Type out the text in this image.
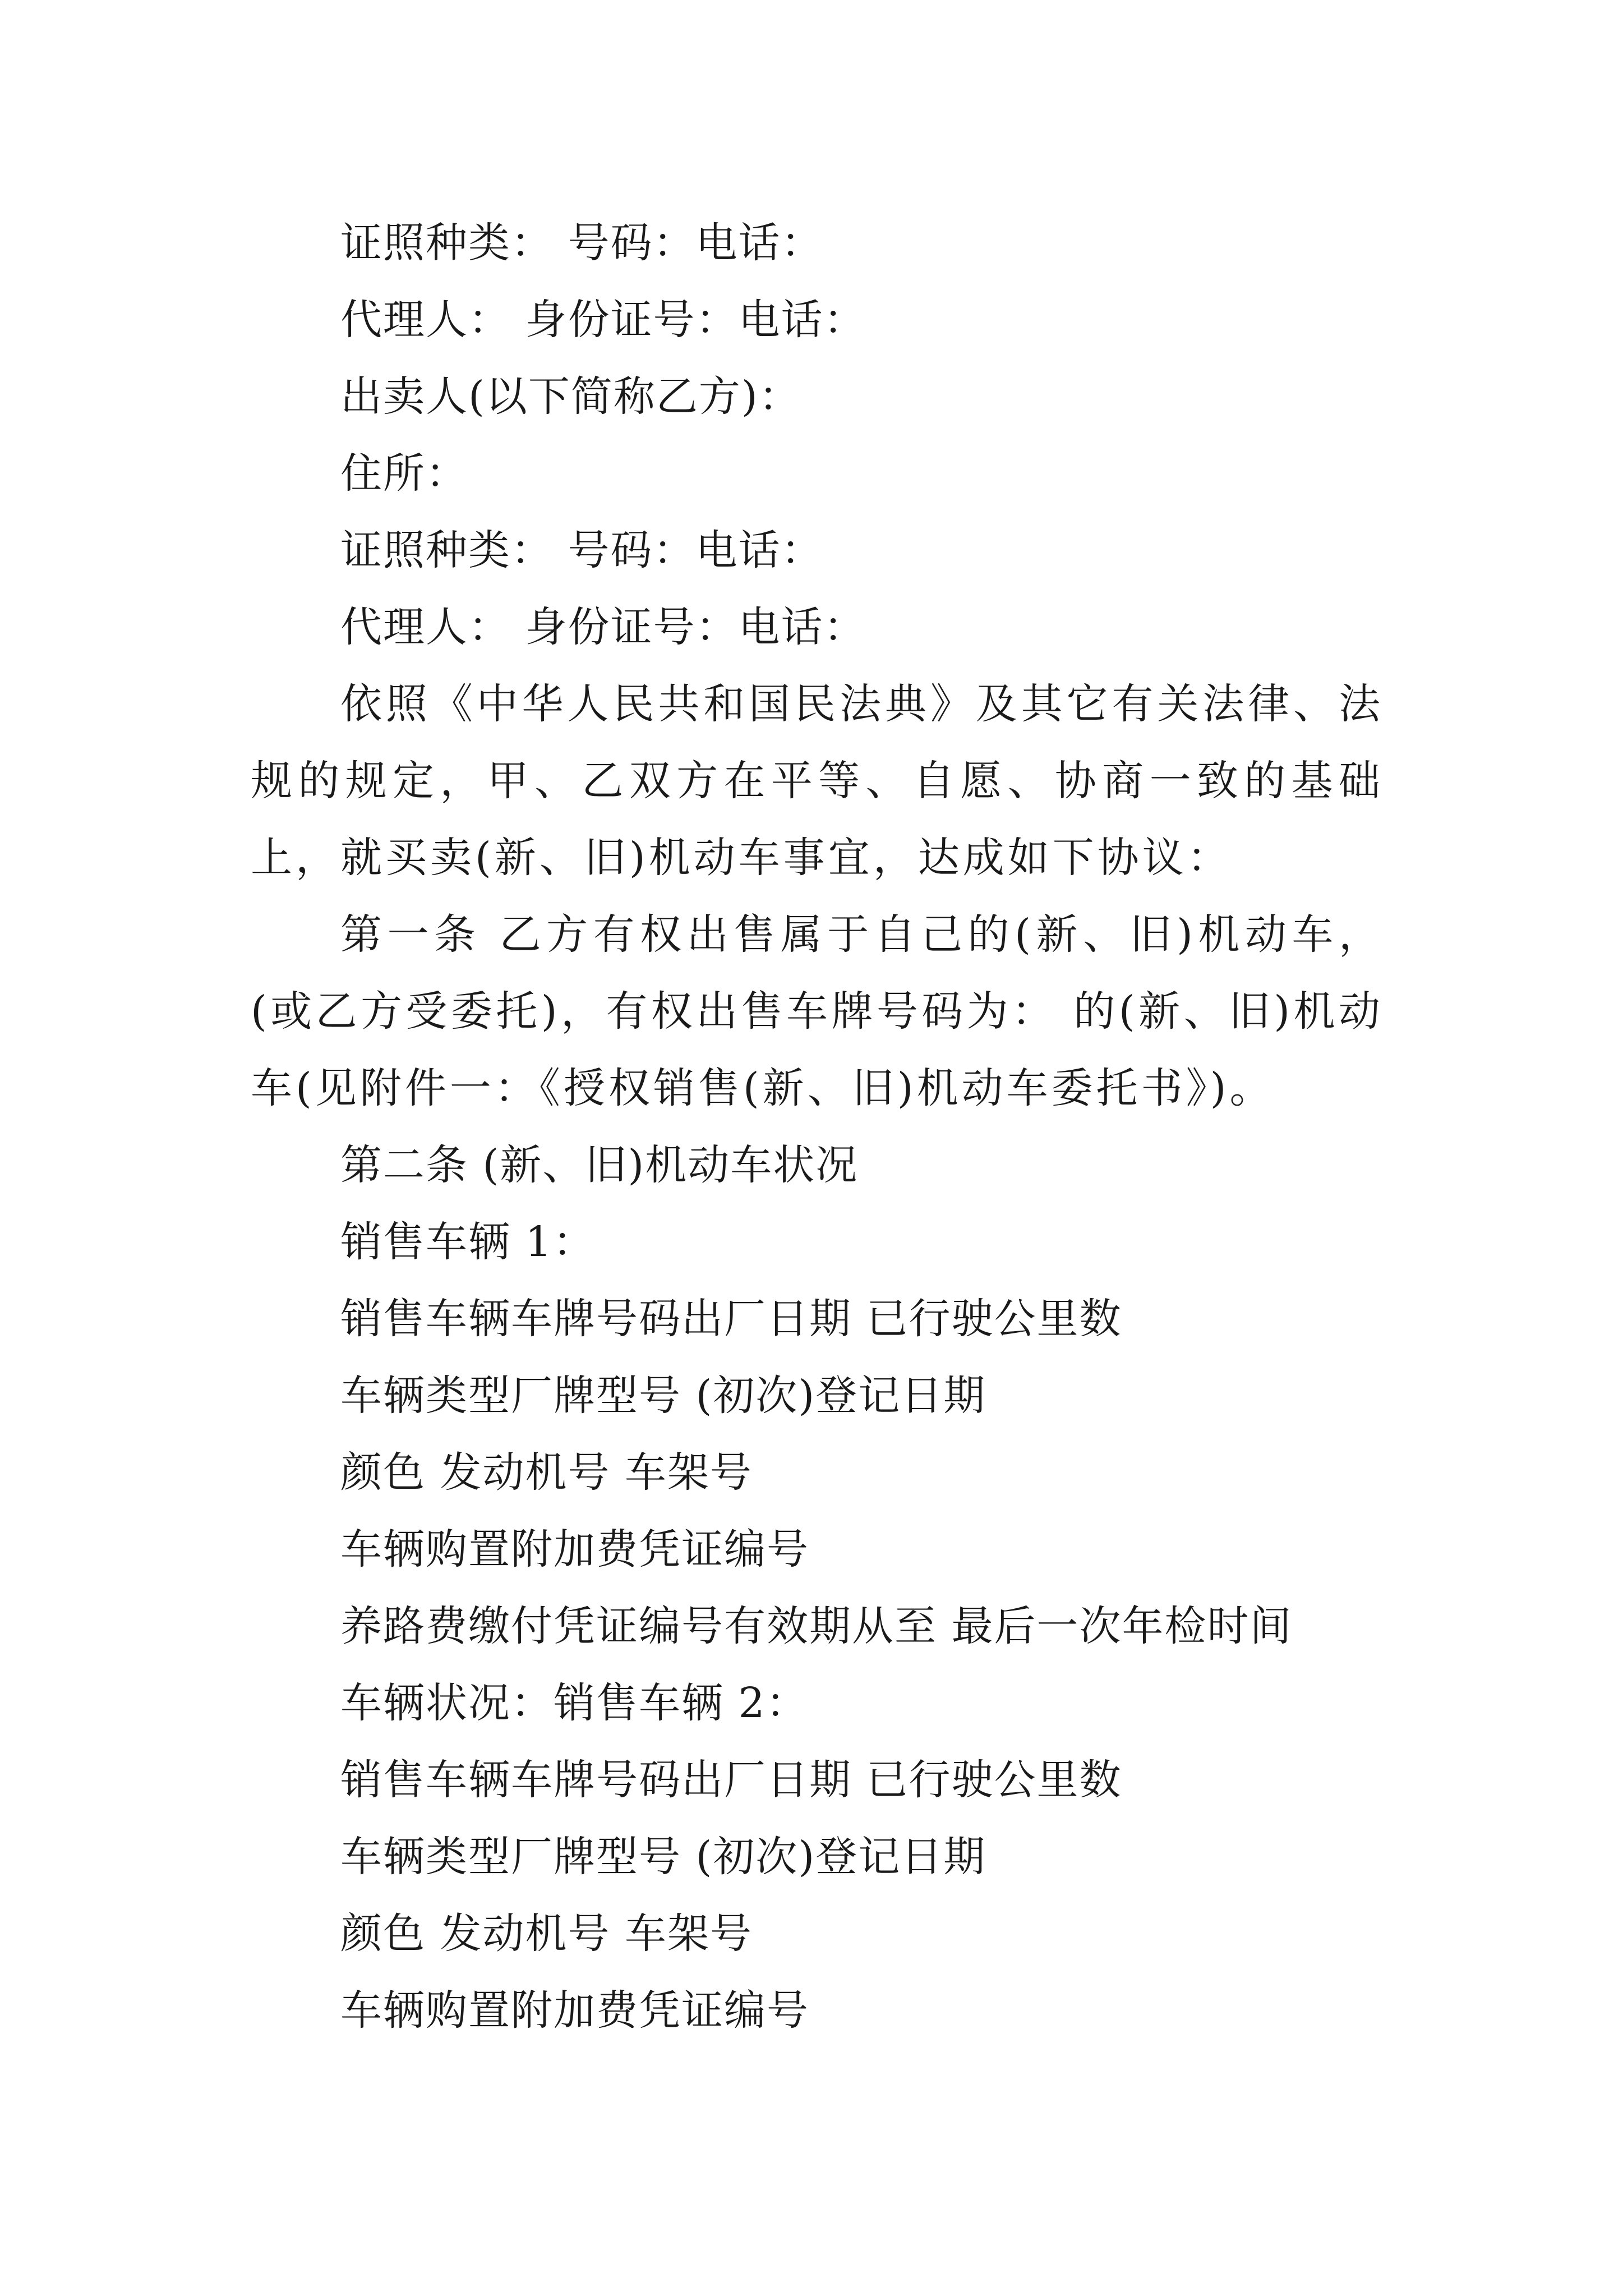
证照种类： 号码：电话：
代理人： 身份证号：电话：
出卖人(以下简称乙方)：
住所：
证照种类： 号码：电话：
代理人： 身份证号：电话：
依照《中华人民共和国民法典》及其它有关法律、法规的规定，甲、乙双方在平等、自愿、协商一致的基础上，就买卖(新、旧)机动车事宜，达成如下协议：
第一条 乙方有权出售属于自己的(新、旧)机动车，(或乙方受委托)，有权出售车牌号码为： 的(新、旧)机动车(见附件一：《授权销售(新、旧)机动车委托书》)。
第二条 (新、旧)机动车状况
销售车辆 1：
销售车辆车牌号码出厂日期 已行驶公里数
车辆类型厂牌型号 (初次)登记日期
颜色 发动机号 车架号
车辆购置附加费凭证编号
养路费缴付凭证编号有效期从至 最后一次年检时间
车辆状况：销售车辆 2：
销售车辆车牌号码出厂日期 已行驶公里数
车辆类型厂牌型号 (初次)登记日期
颜色 发动机号 车架号
车辆购置附加费凭证编号
